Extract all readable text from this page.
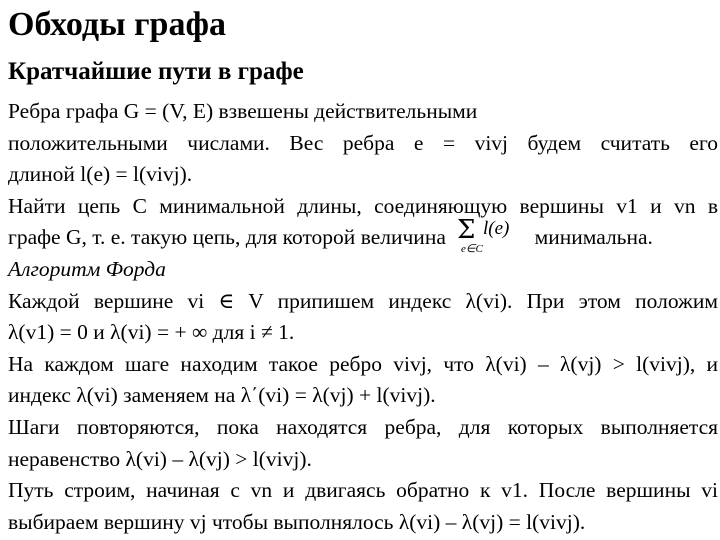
Обходы графа
Кратчайшие пути в графе
Ребра графа G = (V, E) взвешены действительными
положительными числами. Вес ребра e = vivj будем считать его
длиной l(e) = l(vivj).
Найти цепь C минимальной длины, соединяющую вершины v1 и vn в
графе G, т. е. такую цепь, для которой величина Σ l(e)
e∈C минимальна.
Алгоритм Форда
Каждой вершине vi ∈ V припишем индекс λ(vi). При этом положим
λ(v1) = 0 и λ(vi) = + ∞ для i ≠ 1.
На каждом шаге находим такое ребро vivj, что λ(vi) – λ(vj) > l(vivj), и
индекс λ(vi) заменяем на λ΄(vi) = λ(vj) + l(vivj).
Шаги повторяются, пока находятся ребра, для которых выполняется
неравенство λ(vi) – λ(vj) > l(vivj).
Путь строим, начиная с vn и двигаясь обратно к v1. После вершины vi
выбираем вершину vj чтобы выполнялось λ(vi) – λ(vj) = l(vivj).
